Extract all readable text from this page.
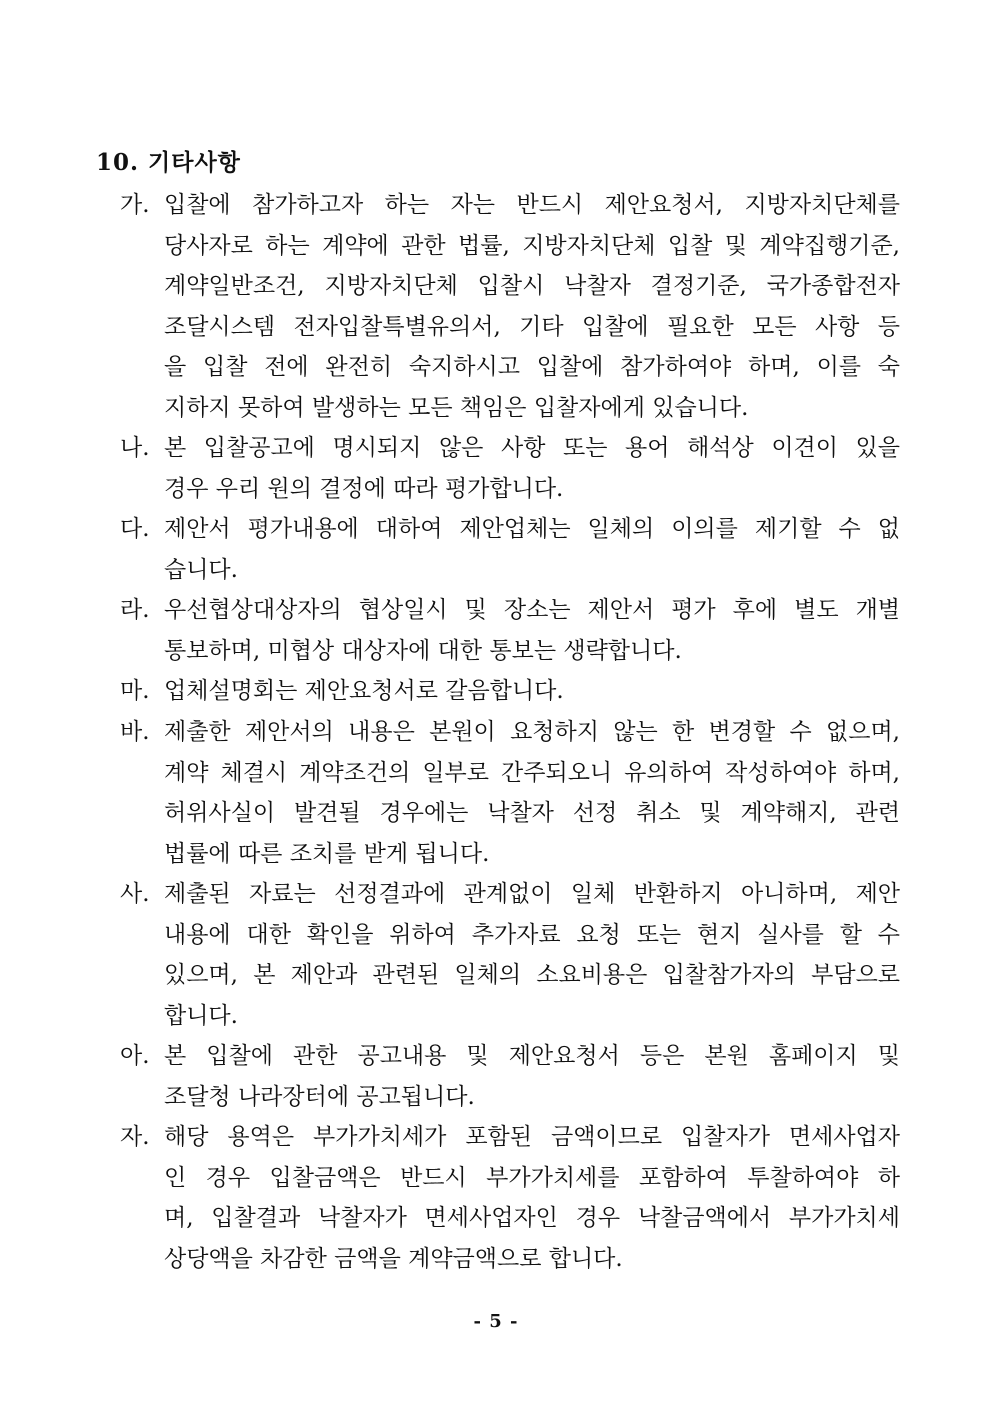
10. 기타사항
가. 입찰에 참가하고자 하는 자는 반드시 제안요청서, 지방자치단체를
당사자로 하는 계약에 관한 법률, 지방자치단체 입찰 및 계약집행기준,
계약일반조건, 지방자치단체 입찰시 낙찰자 결정기준, 국가종합전자
조달시스템 전자입찰특별유의서, 기타 입찰에 필요한 모든 사항 등
을 입찰 전에 완전히 숙지하시고 입찰에 참가하여야 하며, 이를 숙
지하지 못하여 발생하는 모든 책임은 입찰자에게 있습니다.
나. 본 입찰공고에 명시되지 않은 사항 또는 용어 해석상 이견이 있을
경우 우리 원의 결정에 따라 평가합니다.
다. 제안서 평가내용에 대하여 제안업체는 일체의 이의를 제기할 수 없
습니다.
라. 우선협상대상자의 협상일시 및 장소는 제안서 평가 후에 별도 개별
통보하며, 미협상 대상자에 대한 통보는 생략합니다.
마. 업체설명회는 제안요청서로 갈음합니다.
바. 제출한 제안서의 내용은 본원이 요청하지 않는 한 변경할 수 없으며,
계약 체결시 계약조건의 일부로 간주되오니 유의하여 작성하여야 하며,
허위사실이 발견될 경우에는 낙찰자 선정 취소 및 계약해지, 관련
법률에 따른 조치를 받게 됩니다.
사. 제출된 자료는 선정결과에 관계없이 일체 반환하지 아니하며, 제안
내용에 대한 확인을 위하여 추가자료 요청 또는 현지 실사를 할 수
있으며, 본 제안과 관련된 일체의 소요비용은 입찰참가자의 부담으로
합니다.
아. 본 입찰에 관한 공고내용 및 제안요청서 등은 본원 홈페이지 및
조달청 나라장터에 공고됩니다.
자. 해당 용역은 부가가치세가 포함된 금액이므로 입찰자가 면세사업자
인 경우 입찰금액은 반드시 부가가치세를 포함하여 투찰하여야 하
며, 입찰결과 낙찰자가 면세사업자인 경우 낙찰금액에서 부가가치세
상당액을 차감한 금액을 계약금액으로 합니다.
- 5 -
